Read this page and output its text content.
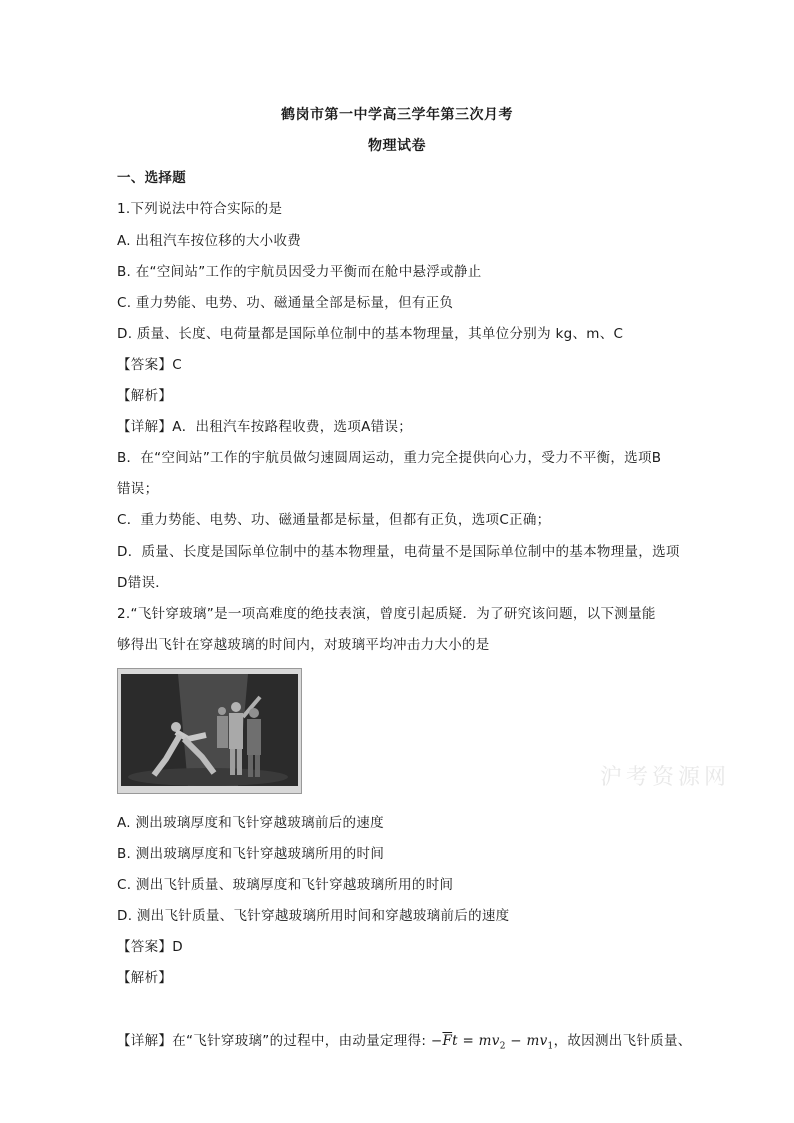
鹤岗市第一中学高三学年第三次月考
物理试卷
一、选择题
1.下列说法中符合实际的是
A. 出租汽车按位移的大小收费
B. 在“空间站”工作的宇航员因受力平衡而在舱中悬浮或静止
C. 重力势能、电势、功、磁通量全部是标量，但有正负
D. 质量、长度、电荷量都是国际单位制中的基本物理量，其单位分别为 kg、m、C
【答案】C
【解析】
【详解】A．出租汽车按路程收费，选项A错误；
B．在“空间站”工作的宇航员做匀速圆周运动，重力完全提供向心力，受力不平衡，选项B
错误；
C．重力势能、电势、功、磁通量都是标量，但都有正负，选项C正确；
D．质量、长度是国际单位制中的基本物理量，电荷量不是国际单位制中的基本物理量，选项
D错误．
2.“飞针穿玻璃”是一项高难度的绝技表演，曾度引起质疑．为了研究该问题，以下测量能
够得出飞针在穿越玻璃的时间内，对玻璃平均冲击力大小的是
沪考资源网
A. 测出玻璃厚度和飞针穿越玻璃前后的速度
B. 测出玻璃厚度和飞针穿越玻璃所用的时间
C. 测出飞针质量、玻璃厚度和飞针穿越玻璃所用的时间
D. 测出飞针质量、飞针穿越玻璃所用时间和穿越玻璃前后的速度
【答案】D
【解析】
【详解】在“飞针穿玻璃”的过程中，由动量定理得: $-\overline{F}t = mv_2 - mv_1$，故因测出飞针质量、
